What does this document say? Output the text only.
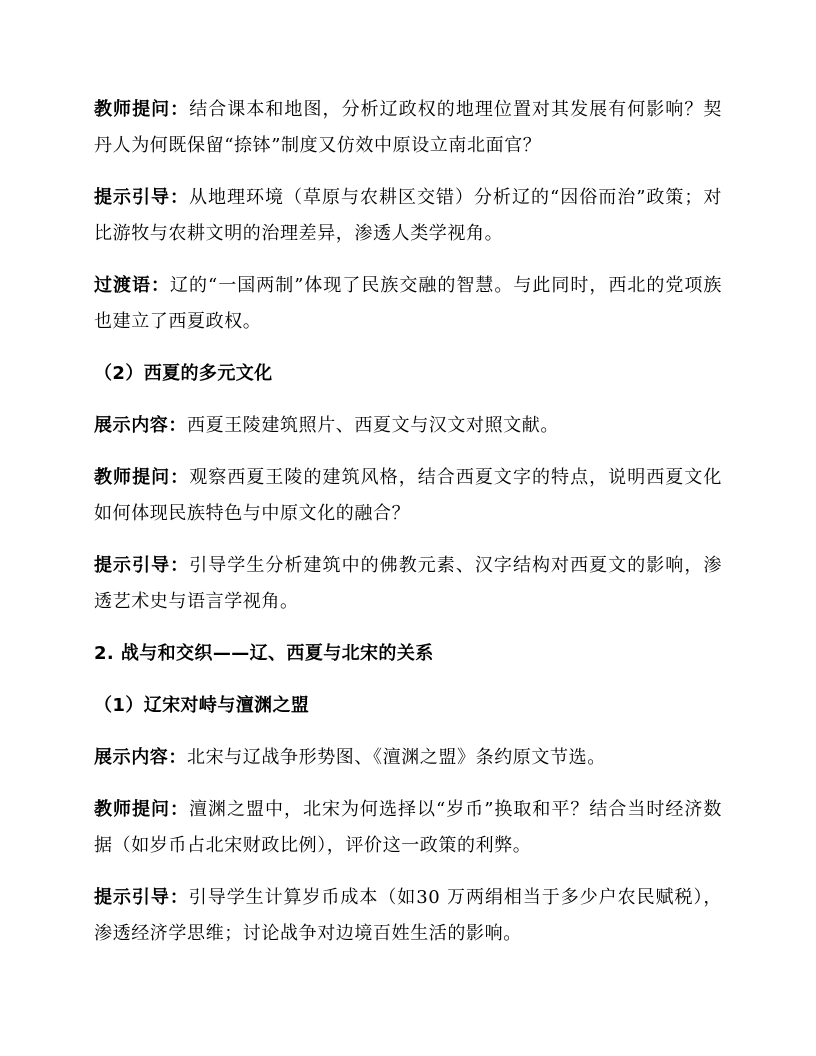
教师提问：结合课本和地图，分析辽政权的地理位置对其发展有何影响？契丹人为何既保留“捺钵”制度又仿效中原设立南北面官？

提示引导：从地理环境（草原与农耕区交错）分析辽的“因俗而治”政策；对比游牧与农耕文明的治理差异，渗透人类学视角。

过渡语：辽的“一国两制”体现了民族交融的智慧。与此同时，西北的党项族也建立了西夏政权。

（2）西夏的多元文化

展示内容：西夏王陵建筑照片、西夏文与汉文对照文献。

教师提问：观察西夏王陵的建筑风格，结合西夏文字的特点，说明西夏文化如何体现民族特色与中原文化的融合？

提示引导：引导学生分析建筑中的佛教元素、汉字结构对西夏文的影响，渗透艺术史与语言学视角。

2. 战与和交织——辽、西夏与北宋的关系
（1）辽宋对峙与澶渊之盟

展示内容：北宋与辽战争形势图、《澶渊之盟》条约原文节选。

教师提问：澶渊之盟中，北宋为何选择以“岁币”换取和平？结合当时经济数据（如岁币占北宋财政比例），评价这一政策的利弊。

提示引导：引导学生计算岁币成本（如30 万两绢相当于多少户农民赋税），渗透经济学思维；讨论战争对边境百姓生活的影响。
